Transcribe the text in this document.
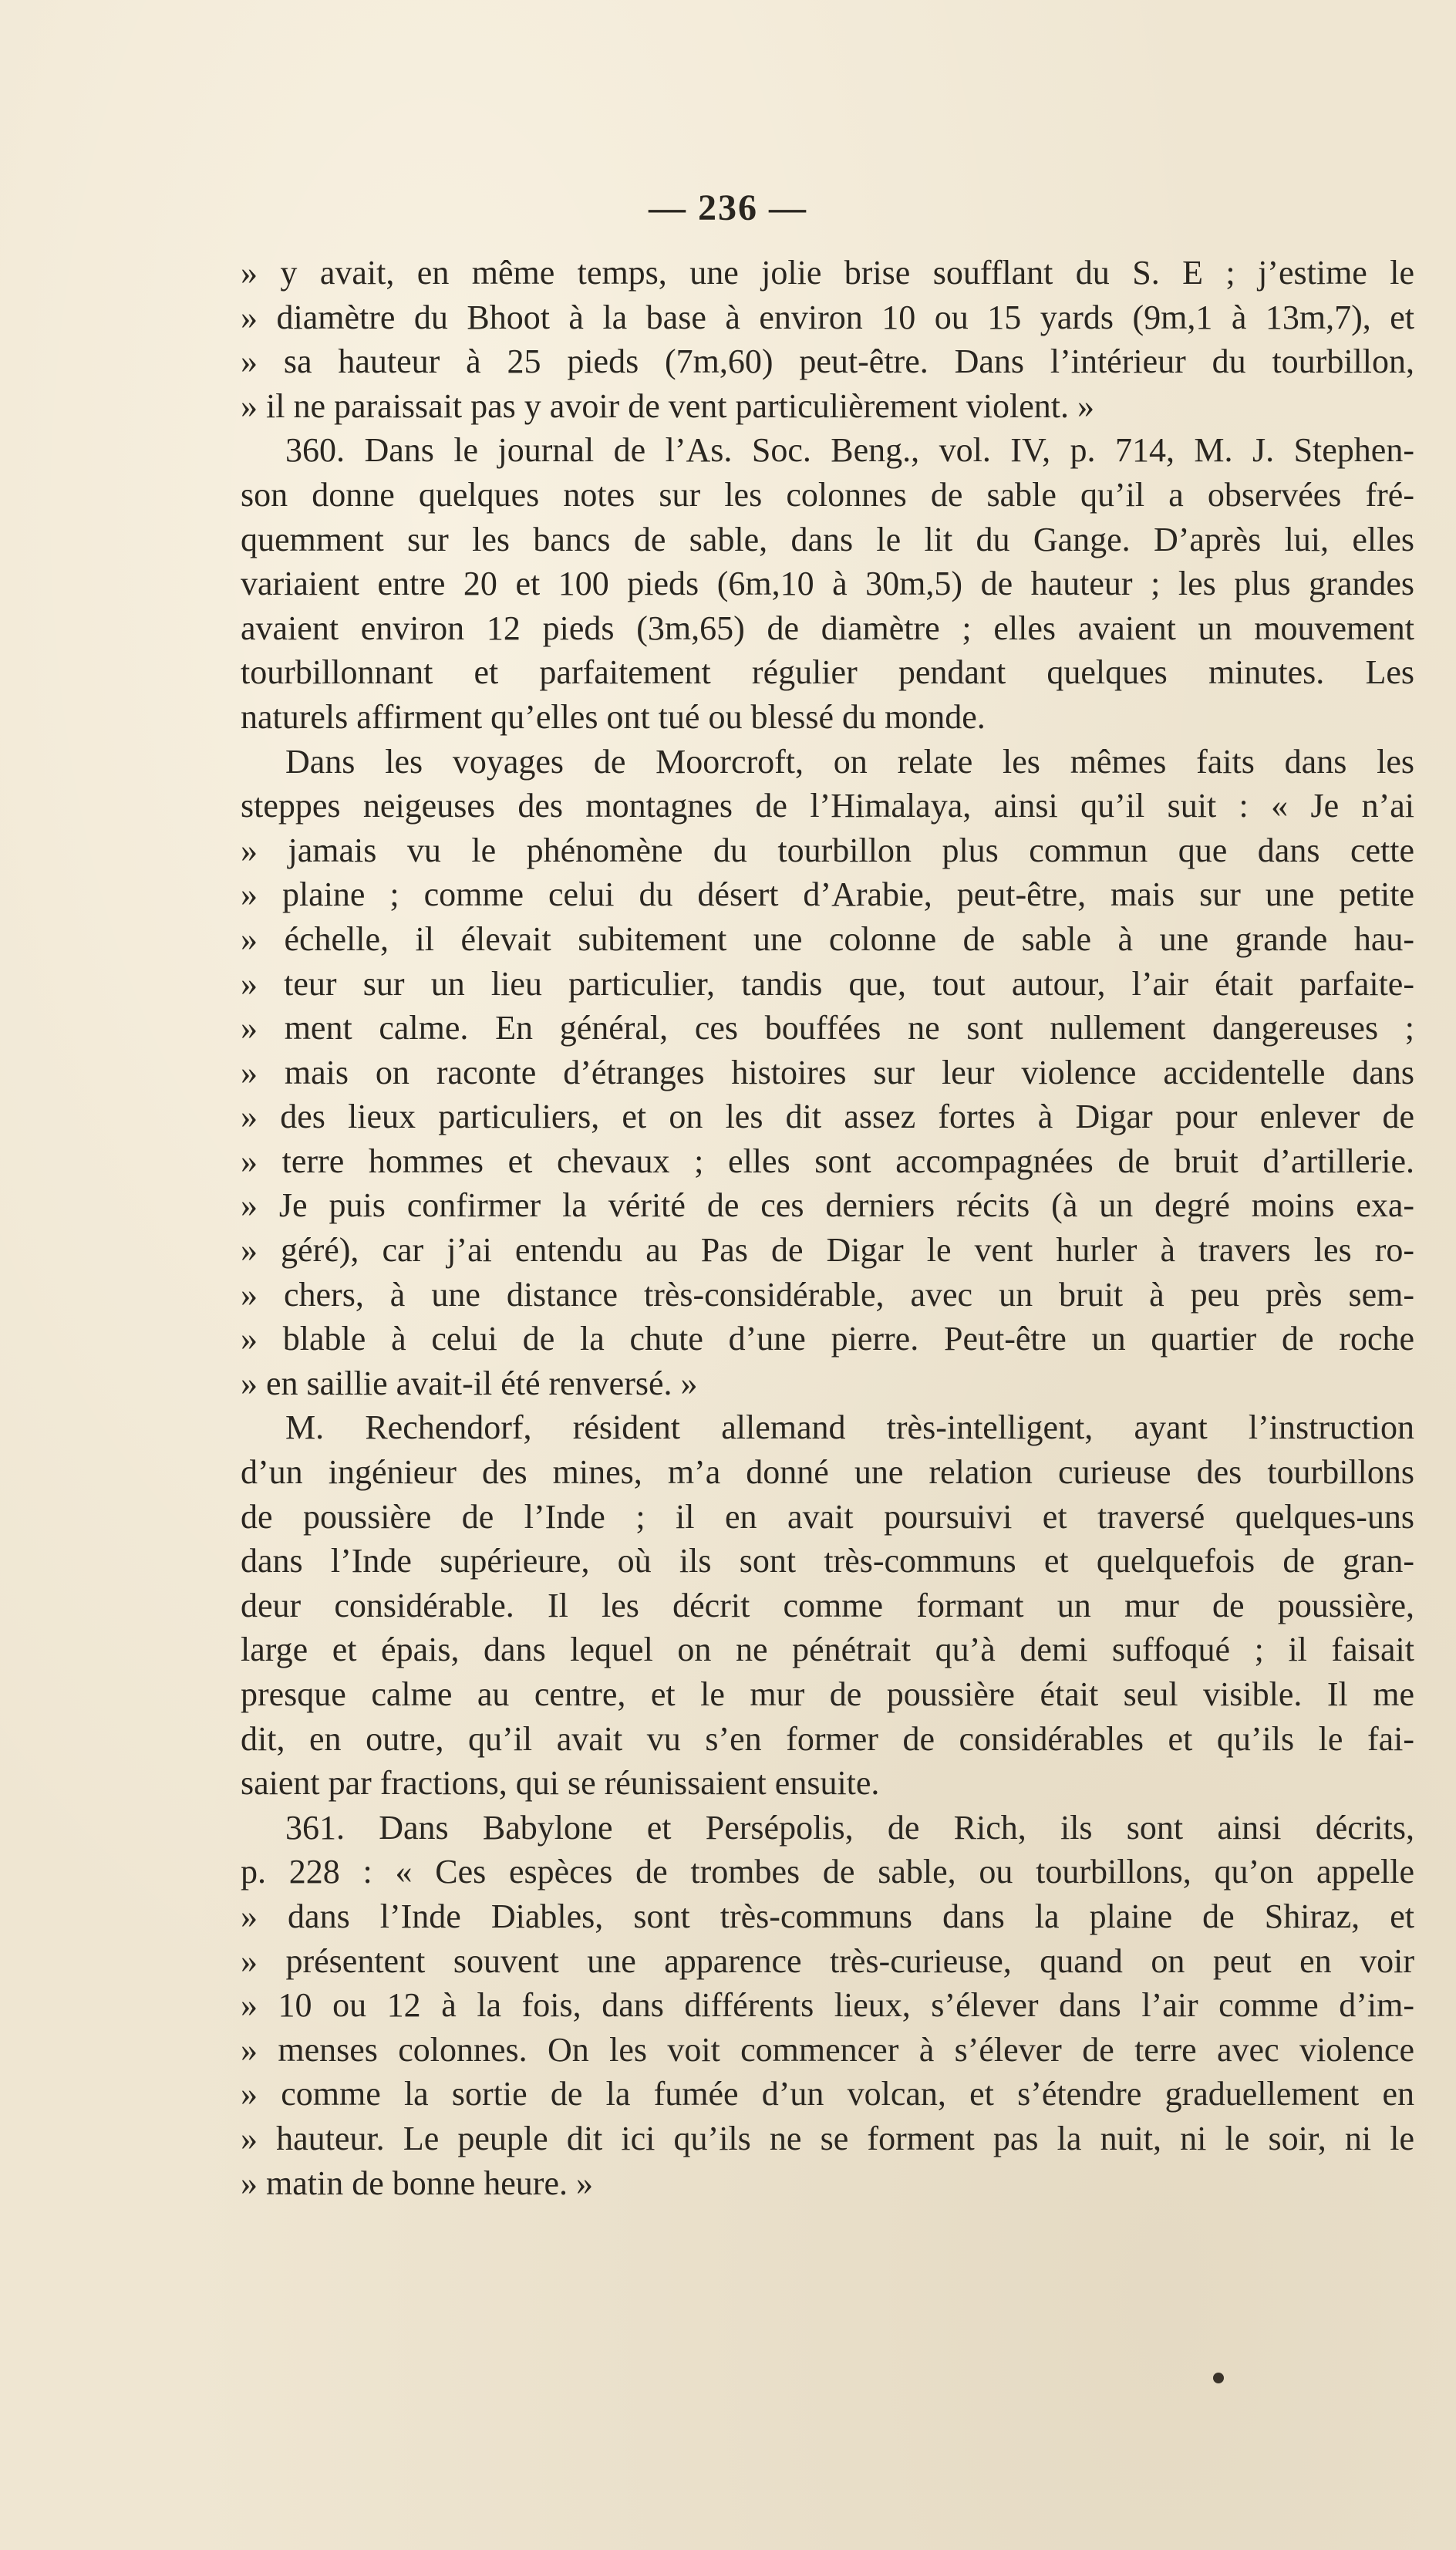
— 236 —
» y avait, en même temps, une jolie brise soufflant du S. E ; j’estime le
» diamètre du Bhoot à la base à environ 10 ou 15 yards (9m,1 à 13m,7), et
» sa hauteur à 25 pieds (7m,60) peut-être. Dans l’intérieur du tourbillon,
» il ne paraissait pas y avoir de vent particulièrement violent. »
360. Dans le journal de l’As. Soc. Beng., vol. IV, p. 714, M. J. Stephen-
son donne quelques notes sur les colonnes de sable qu’il a observées fré-
quemment sur les bancs de sable, dans le lit du Gange. D’après lui, elles
variaient entre 20 et 100 pieds (6m,10 à 30m,5) de hauteur ; les plus grandes
avaient environ 12 pieds (3m,65) de diamètre ; elles avaient un mouvement
tourbillonnant et parfaitement régulier pendant quelques minutes. Les
naturels affirment qu’elles ont tué ou blessé du monde.
Dans les voyages de Moorcroft, on relate les mêmes faits dans les
steppes neigeuses des montagnes de l’Himalaya, ainsi qu’il suit : « Je n’ai
» jamais vu le phénomène du tourbillon plus commun que dans cette
» plaine ; comme celui du désert d’Arabie, peut-être, mais sur une petite
» échelle, il élevait subitement une colonne de sable à une grande hau-
» teur sur un lieu particulier, tandis que, tout autour, l’air était parfaite-
» ment calme. En général, ces bouffées ne sont nullement dangereuses ;
» mais on raconte d’étranges histoires sur leur violence accidentelle dans
» des lieux particuliers, et on les dit assez fortes à Digar pour enlever de
» terre hommes et chevaux ; elles sont accompagnées de bruit d’artillerie.
» Je puis confirmer la vérité de ces derniers récits (à un degré moins exa-
» géré), car j’ai entendu au Pas de Digar le vent hurler à travers les ro-
» chers, à une distance très-considérable, avec un bruit à peu près sem-
» blable à celui de la chute d’une pierre. Peut-être un quartier de roche
» en saillie avait-il été renversé. »
M. Rechendorf, résident allemand très-intelligent, ayant l’instruction
d’un ingénieur des mines, m’a donné une relation curieuse des tourbillons
de poussière de l’Inde ; il en avait poursuivi et traversé quelques-uns
dans l’Inde supérieure, où ils sont très-communs et quelquefois de gran-
deur considérable. Il les décrit comme formant un mur de poussière,
large et épais, dans lequel on ne pénétrait qu’à demi suffoqué ; il faisait
presque calme au centre, et le mur de poussière était seul visible. Il me
dit, en outre, qu’il avait vu s’en former de considérables et qu’ils le fai-
saient par fractions, qui se réunissaient ensuite.
361. Dans Babylone et Persépolis, de Rich, ils sont ainsi décrits,
p. 228 : « Ces espèces de trombes de sable, ou tourbillons, qu’on appelle
» dans l’Inde Diables, sont très-communs dans la plaine de Shiraz, et
» présentent souvent une apparence très-curieuse, quand on peut en voir
» 10 ou 12 à la fois, dans différents lieux, s’élever dans l’air comme d’im-
» menses colonnes. On les voit commencer à s’élever de terre avec violence
» comme la sortie de la fumée d’un volcan, et s’étendre graduellement en
» hauteur. Le peuple dit ici qu’ils ne se forment pas la nuit, ni le soir, ni le
» matin de bonne heure. »
